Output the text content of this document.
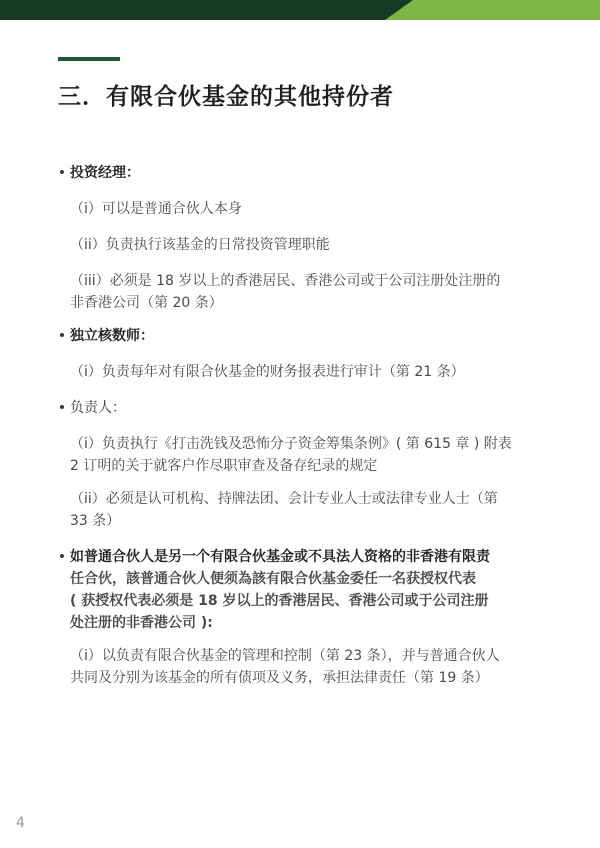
三．有限合伙基金的其他持份者
投资经理：
（i）可以是普通合伙人本身
（ii）负责执行该基金的日常投资管理职能
（iii）必须是 18 岁以上的香港居民、香港公司或于公司注册处注册的
非香港公司（第 20 条）
独立核数师：
（i）负责每年对有限合伙基金的财务报表进行审计（第 21 条）
负责人：
（i）负责执行《打击洗钱及恐怖分子资金筹集条例》( 第 615 章 ) 附表
2 订明的关于就客户作尽职审查及备存纪录的规定
（ii）必须是认可机构、持牌法团、会计专业人士或法律专业人士（第
33 条）
如普通合伙人是另一个有限合伙基金或不具法人资格的非香港有限责
任合伙，該普通合伙人便须為該有限合伙基金委任一名获授权代表
( 获授权代表必须是 18 岁以上的香港居民、香港公司或于公司注册
处注册的非香港公司 ):
（i）以负责有限合伙基金的管理和控制（第 23 条），并与普通合伙人
共同及分别为该基金的所有债项及义务，承担法律责任（第 19 条）
4
